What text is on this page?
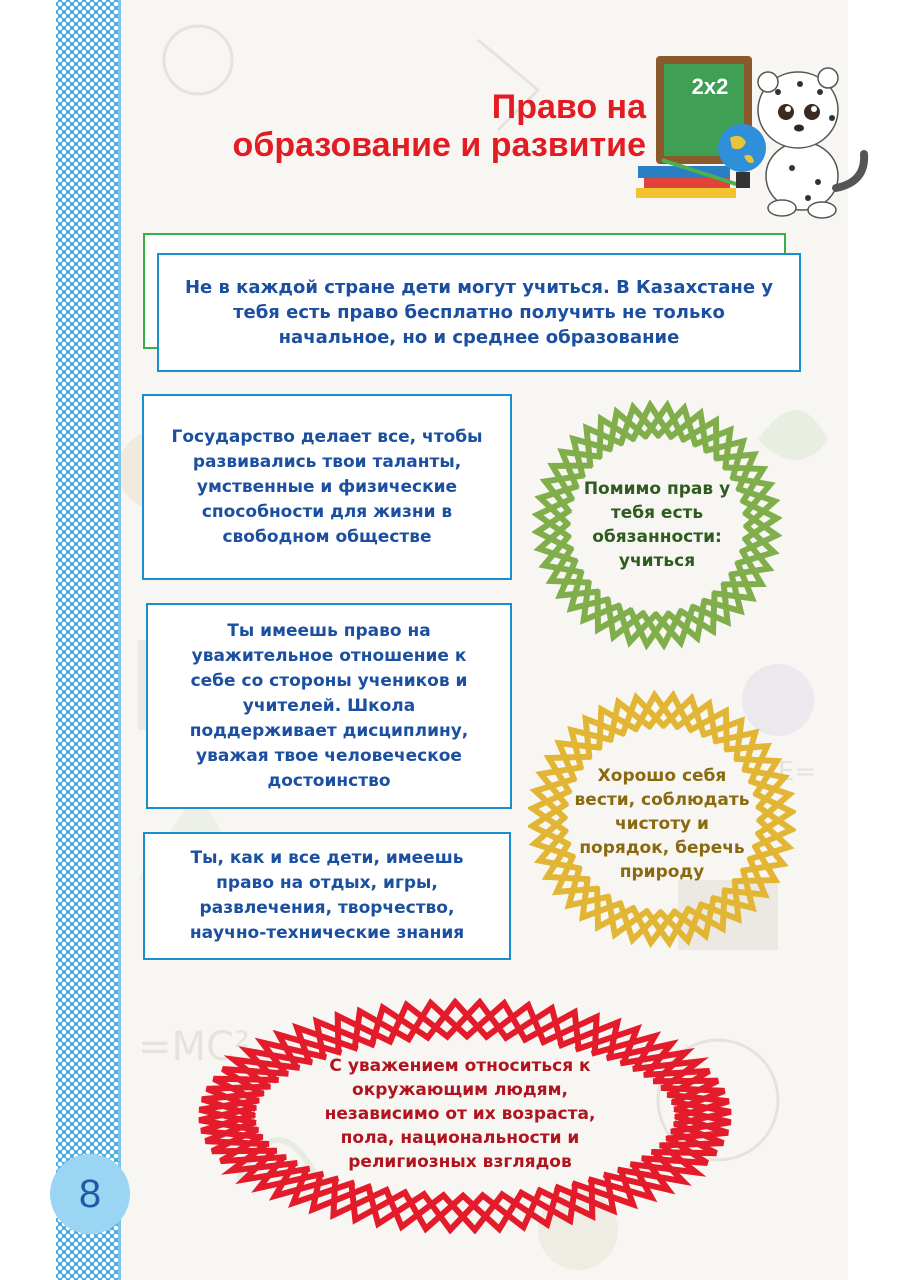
=MC²
E=
Право на
образование и развитие
2x2
Не в каждой стране дети могут учиться. В Казахстане у тебя есть право бесплатно получить не только начальное, но и среднее образование
Государство делает все, чтобы развивались твои таланты, умственные и физические способности для жизни в свободном обществе
Ты имеешь право на уважительное отношение к себе со стороны учеников и учителей. Школа поддерживает дисциплину, уважая твое человеческое достоинство
Ты, как и все дети, имеешь право на отдых, игры, развлечения, творчество, научно-технические знания
Помимо прав у тебя есть обязанности: учиться
Хорошо себя вести, соблюдать чистоту и порядок, беречь природу
С уважением относиться к окружающим людям, независимо от их возраста, пола, национальности и религиозных взглядов
8
